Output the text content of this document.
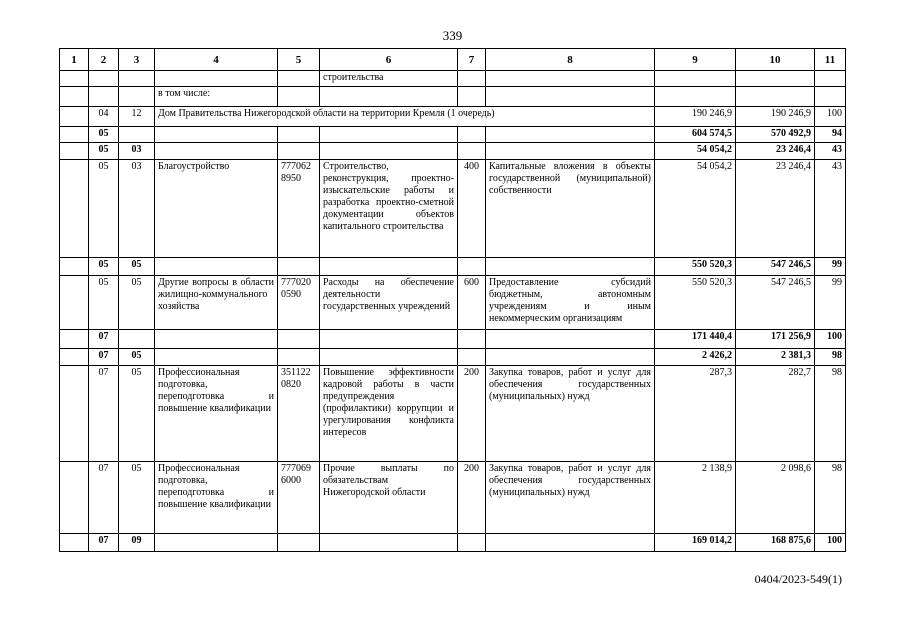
339
1	2	3	4	5	6	7	8	9	10	11
					строительства					
			в том числе:							
	04	12	Дом Правительства Нижегородской области на территории Кремля (1 очередь)					190 246,9	190 246,9	100
	05							604 574,5	570 492,9	94
	05	03						54 054,2	23 246,4	43
	05	03	Благоустройство	777062 8950	Строительство, реконструкция, проектно-изыскательские работы и разработка проектно-сметной документации объектов капитального строительства	400	Капитальные вложения в объекты государственной (муниципальной) собственности	54 054,2	23 246,4	43
	05	05						550 520,3	547 246,5	99
	05	05	Другие вопросы в области жилищно-коммунального хозяйства	777020 0590	Расходы на обеспечение деятельности государственных учреждений	600	Предоставление субсидий бюджетным, автономным учреждениям и иным некоммерческим организациям	550 520,3	547 246,5	99
	07							171 440,4	171 256,9	100
	07	05						2 426,2	2 381,3	98
	07	05	Профессиональная подготовка, переподготовка и повышение квалификации	351122 0820	Повышение эффективности кадровой работы в части предупреждения (профилактики) коррупции и урегулирования конфликта интересов	200	Закупка товаров, работ и услуг для обеспечения государственных (муниципальных) нужд	287,3	282,7	98
	07	05	Профессиональная подготовка, переподготовка и повышение квалификации	777069 6000	Прочие выплаты по обязательствам Нижегородской области	200	Закупка товаров, работ и услуг для обеспечения государственных (муниципальных) нужд	2 138,9	2 098,6	98
	07	09						169 014,2	168 875,6	100
0404/2023-549(1)
